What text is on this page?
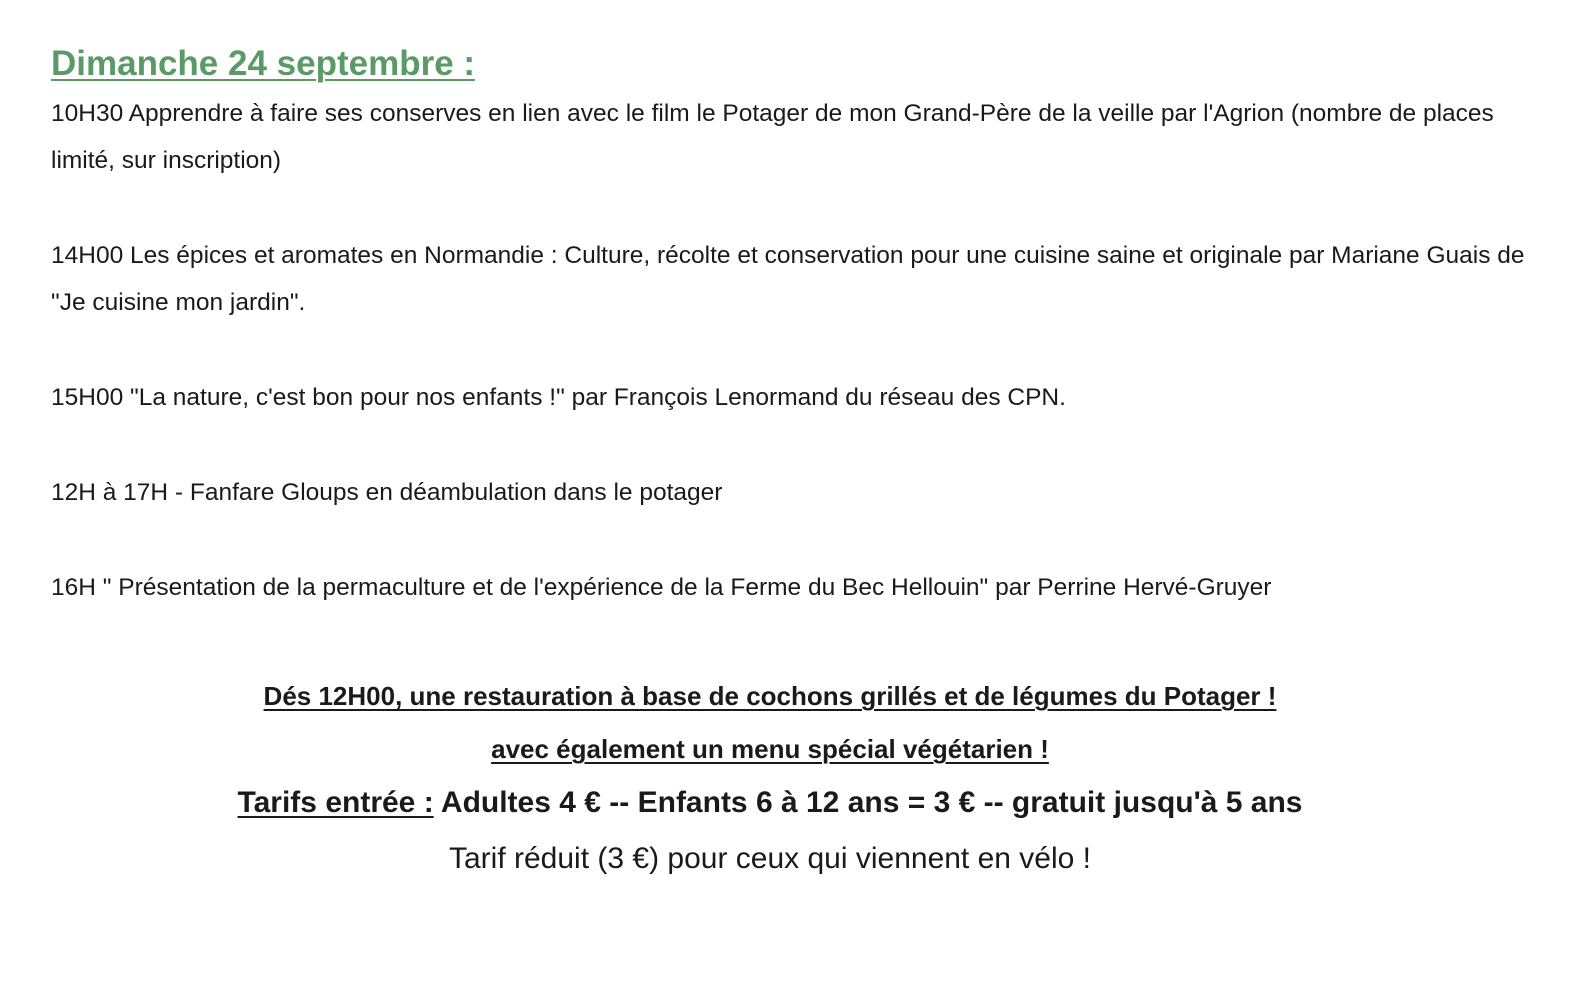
Dimanche 24 septembre :
10H30 Apprendre à faire ses conserves en lien avec le film le Potager de mon Grand-Père de la veille par l'Agrion (nombre de places limité, sur inscription)
14H00 Les épices et aromates en Normandie : Culture, récolte et conservation pour une cuisine saine et originale par Mariane Guais de "Je cuisine mon jardin".
15H00 "La nature, c'est bon pour nos enfants !" par François Lenormand du réseau des CPN.
12H à 17H - Fanfare Gloups en déambulation dans le potager
16H " Présentation de la permaculture et de l'expérience de la Ferme du Bec Hellouin" par Perrine Hervé-Gruyer
Dés 12H00, une restauration à base de cochons grillés et de légumes du Potager !
avec également un menu spécial végétarien !
Tarifs entrée : Adultes 4 € -- Enfants 6 à 12 ans = 3 € -- gratuit jusqu'à 5 ans
Tarif réduit (3 €) pour ceux qui viennent en vélo !
